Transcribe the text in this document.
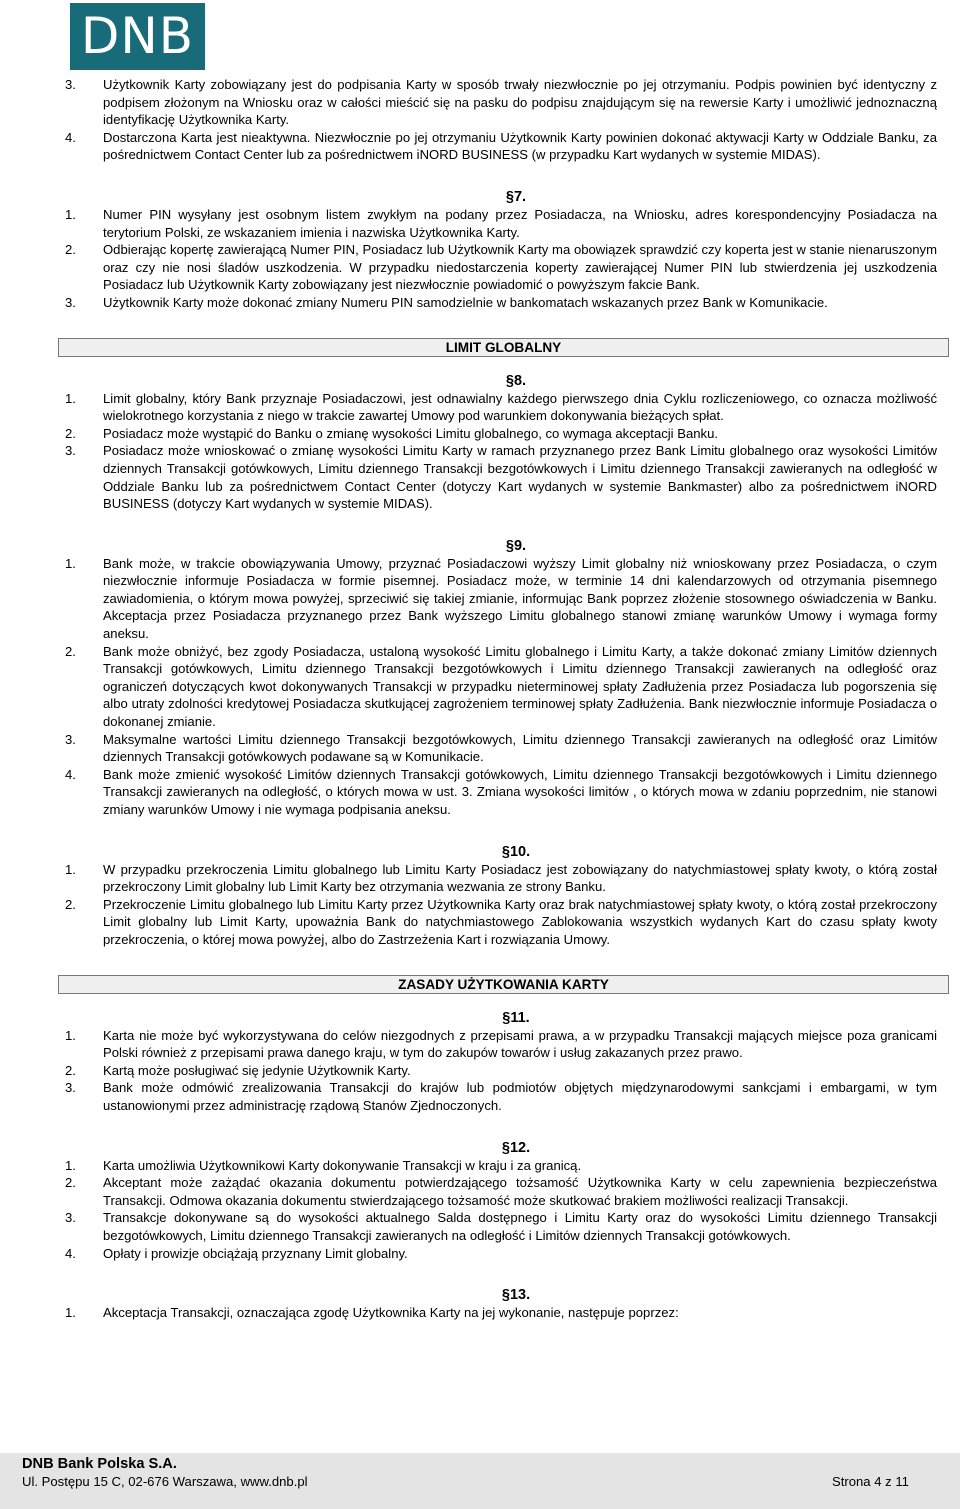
DNB
3.	Użytkownik Karty zobowiązany jest do podpisania Karty w sposób trwały niezwłocznie po jej otrzymaniu. Podpis powinien być identyczny z podpisem złożonym na Wniosku oraz w całości mieścić się na pasku do podpisu znajdującym się na rewersie Karty i umożliwić jednoznaczną identyfikację Użytkownika Karty.
4.	Dostarczona Karta jest nieaktywna. Niezwłocznie po jej otrzymaniu Użytkownik Karty powinien dokonać aktywacji Karty w Oddziale Banku, za pośrednictwem Contact Center lub za pośrednictwem iNORD BUSINESS (w przypadku Kart wydanych w systemie MIDAS).
§7.
1.	Numer PIN wysyłany jest osobnym listem zwykłym na podany przez Posiadacza, na Wniosku, adres korespondencyjny Posiadacza na terytorium Polski, ze wskazaniem imienia i nazwiska Użytkownika Karty.
2.	Odbierając kopertę zawierającą Numer PIN, Posiadacz lub Użytkownik Karty ma obowiązek sprawdzić czy koperta jest w stanie nienaruszonym oraz czy nie nosi śladów uszkodzenia. W przypadku niedostarczenia koperty zawierającej Numer PIN lub stwierdzenia jej uszkodzenia Posiadacz lub Użytkownik Karty zobowiązany jest niezwłocznie powiadomić o powyższym fakcie Bank.
3.	Użytkownik Karty może dokonać zmiany Numeru PIN samodzielnie w bankomatach wskazanych przez Bank w Komunikacie.
LIMIT GLOBALNY
§8.
1.	Limit globalny, który Bank przyznaje Posiadaczowi, jest odnawialny każdego pierwszego dnia Cyklu rozliczeniowego, co oznacza możliwość wielokrotnego korzystania z niego w trakcie zawartej Umowy pod warunkiem dokonywania bieżących spłat.
2.	Posiadacz może wystąpić do Banku o zmianę wysokości Limitu globalnego, co wymaga akceptacji Banku.
3.	Posiadacz może wnioskować o zmianę wysokości Limitu Karty w ramach przyznanego przez Bank Limitu globalnego oraz wysokości Limitów dziennych Transakcji gotówkowych, Limitu dziennego Transakcji bezgotówkowych i Limitu dziennego Transakcji zawieranych na odległość w Oddziale Banku lub za pośrednictwem Contact Center (dotyczy Kart wydanych w systemie Bankmaster) albo za pośrednictwem iNORD BUSINESS (dotyczy Kart wydanych w systemie MIDAS).
§9.
1.	Bank może, w trakcie obowiązywania Umowy, przyznać Posiadaczowi wyższy Limit globalny niż wnioskowany przez Posiadacza, o czym niezwłocznie informuje Posiadacza w formie pisemnej. Posiadacz może, w terminie 14 dni kalendarzowych od otrzymania pisemnego zawiadomienia, o którym mowa powyżej, sprzeciwić się takiej zmianie, informując Bank poprzez złożenie stosownego oświadczenia w Banku. Akceptacja przez Posiadacza przyznanego przez Bank wyższego Limitu globalnego stanowi zmianę warunków Umowy i wymaga formy aneksu.
2.	Bank może obniżyć, bez zgody Posiadacza, ustaloną wysokość Limitu globalnego i Limitu Karty, a także dokonać zmiany Limitów dziennych Transakcji gotówkowych, Limitu dziennego Transakcji bezgotówkowych i Limitu dziennego Transakcji zawieranych na odległość oraz ograniczeń dotyczących kwot dokonywanych Transakcji w przypadku nieterminowej spłaty Zadłużenia przez Posiadacza lub pogorszenia się albo utraty zdolności kredytowej Posiadacza skutkującej zagrożeniem terminowej spłaty Zadłużenia. Bank niezwłocznie informuje Posiadacza o dokonanej zmianie.
3.	Maksymalne wartości Limitu dziennego Transakcji bezgotówkowych, Limitu dziennego Transakcji zawieranych na odległość oraz Limitów dziennych Transakcji gotówkowych podawane są w Komunikacie.
4.	Bank może zmienić wysokość Limitów dziennych Transakcji gotówkowych, Limitu dziennego Transakcji bezgotówkowych i Limitu dziennego Transakcji zawieranych na odległość, o których mowa w ust. 3. Zmiana wysokości limitów , o których mowa w zdaniu poprzednim, nie stanowi zmiany warunków Umowy i nie wymaga podpisania aneksu.
§10.
1.	W przypadku przekroczenia Limitu globalnego lub Limitu Karty Posiadacz jest zobowiązany do natychmiastowej spłaty kwoty, o którą został przekroczony Limit globalny lub Limit Karty bez otrzymania wezwania ze strony Banku.
2.	Przekroczenie Limitu globalnego lub Limitu Karty przez Użytkownika Karty oraz brak natychmiastowej spłaty kwoty, o którą został przekroczony Limit globalny lub Limit Karty, upoważnia Bank do natychmiastowego Zablokowania wszystkich wydanych Kart do czasu spłaty kwoty przekroczenia, o której mowa powyżej, albo do Zastrzeżenia Kart i rozwiązania Umowy.
ZASADY UŻYTKOWANIA KARTY
§11.
1.	Karta nie może być wykorzystywana do celów niezgodnych z przepisami prawa, a w przypadku Transakcji mających miejsce poza granicami Polski również z przepisami prawa danego kraju, w tym do zakupów towarów i usług zakazanych przez prawo.
2.	Kartą może posługiwać się jedynie Użytkownik Karty.
3.	Bank może odmówić zrealizowania Transakcji do krajów lub podmiotów objętych międzynarodowymi sankcjami i embargami, w tym ustanowionymi przez administrację rządową Stanów Zjednoczonych.
§12.
1.	Karta umożliwia Użytkownikowi Karty dokonywanie Transakcji w kraju i za granicą.
2.	Akceptant może zażądać okazania dokumentu potwierdzającego tożsamość Użytkownika Karty w celu zapewnienia bezpieczeństwa Transakcji. Odmowa okazania dokumentu stwierdzającego tożsamość może skutkować brakiem możliwości realizacji Transakcji.
3.	Transakcje dokonywane są do wysokości aktualnego Salda dostępnego i Limitu Karty oraz do wysokości Limitu dziennego Transakcji bezgotówkowych, Limitu dziennego Transakcji zawieranych na odległość i Limitów dziennych Transakcji gotówkowych.
4.	Opłaty i prowizje obciążają przyznany Limit globalny.
§13.
1.	Akceptacja Transakcji, oznaczająca zgodę Użytkownika Karty na jej wykonanie, następuje poprzez:
DNB Bank Polska S.A.
Ul. Postępu 15 C, 02-676 Warszawa, www.dnb.pl	Strona 4 z 11
